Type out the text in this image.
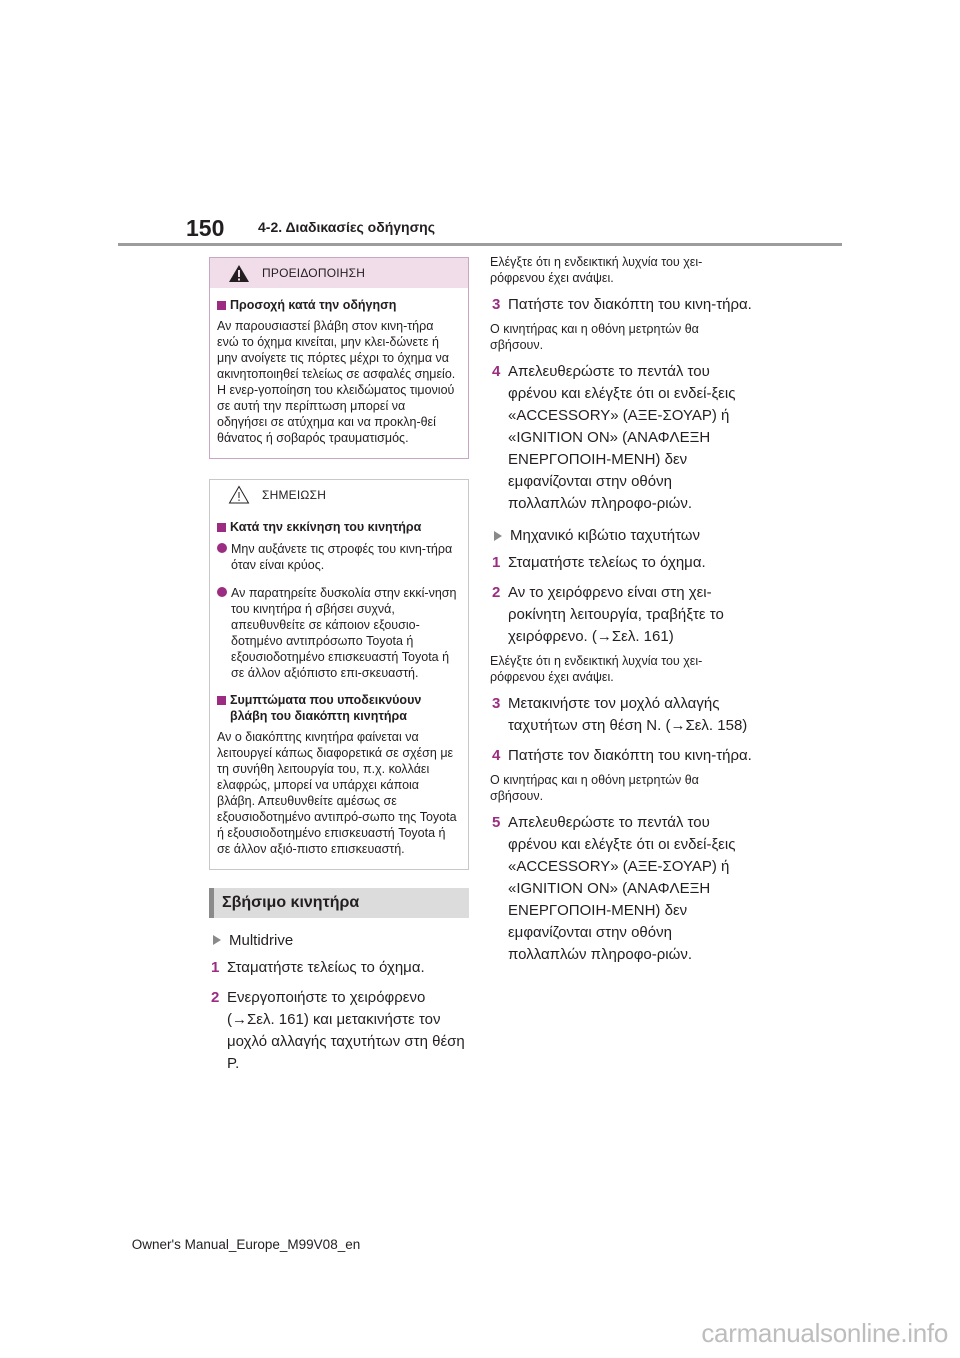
150 4-2. Διαδικασίες οδήγησης
ΠΡΟΕΙΔΟΠΟΙΗΣΗ
Προσοχή κατά την οδήγηση
Αν παρουσιαστεί βλάβη στον κινη-τήρα ενώ το όχημα κινείται, μην κλει-δώνετε ή μην ανοίγετε τις πόρτες μέχρι το όχημα να ακινητοποιηθεί τελείως σε ασφαλές σημείο. Η ενερ-γοποίηση του κλειδώματος τιμονιού σε αυτή την περίπτωση μπορεί να οδηγήσει σε ατύχημα και να προκλη-θεί θάνατος ή σοβαρός τραυματισμός.
ΣΗΜΕΙΩΣΗ
Κατά την εκκίνηση του κινητήρα
Μην αυξάνετε τις στροφές του κινη-τήρα όταν είναι κρύος.
Αν παρατηρείτε δυσκολία στην εκκί-νηση του κινητήρα ή σβήσει συχνά, απευθυνθείτε σε κάποιον εξουσιο-δοτημένο αντιπρόσωπο Toyota ή εξουσιοδοτημένο επισκευαστή Toyota ή σε άλλον αξιόπιστο επι-σκευαστή.
Συμπτώματα που υποδεικνύουν βλάβη του διακόπτη κινητήρα
Αν ο διακόπτης κινητήρα φαίνεται να λειτουργεί κάπως διαφορετικά σε σχέση με τη συνήθη λειτουργία του, π.χ. κολλάει ελαφρώς, μπορεί να υπάρχει κάποια βλάβη. Απευθυνθείτε αμέσως σε εξουσιοδοτημένο αντιπρό-σωπο της Toyota ή εξουσιοδοτημένο επισκευαστή Toyota ή σε άλλον αξιό-πιστο επισκευαστή.
Σβήσιμο κινητήρα
Multidrive
1 Σταματήστε τελείως το όχημα.
2 Ενεργοποιήστε το χειρόφρενο (→Σελ. 161) και μετακινήστε τον μοχλό αλλαγής ταχυτήτων στη θέση P.
Ελέγξτε ότι η ενδεικτική λυχνία του χει-ρόφρενου έχει ανάψει.
3 Πατήστε τον διακόπτη του κινη-τήρα.
Ο κινητήρας και η οθόνη μετρητών θα σβήσουν.
4 Απελευθερώστε το πεντάλ του φρένου και ελέγξτε ότι οι ενδεί-ξεις «ACCESSORY» (ΑΞΕ-ΣΟΥΑΡ) ή «IGNITION ON» (ΑΝΑΦΛΕΞΗ ΕΝΕΡΓΟΠΟΙΗ-ΜΕΝΗ) δεν εμφανίζονται στην οθόνη πολλαπλών πληροφο-ριών.
Μηχανικό κιβώτιο ταχυτήτων
1 Σταματήστε τελείως το όχημα.
2 Αν το χειρόφρενο είναι στη χει-ροκίνητη λειτουργία, τραβήξτε το χειρόφρενο. (→Σελ. 161)
Ελέγξτε ότι η ενδεικτική λυχνία του χει-ρόφρενου έχει ανάψει.
3 Μετακινήστε τον μοχλό αλλαγής ταχυτήτων στη θέση N. (→Σελ. 158)
4 Πατήστε τον διακόπτη του κινη-τήρα.
Ο κινητήρας και η οθόνη μετρητών θα σβήσουν.
5 Απελευθερώστε το πεντάλ του φρένου και ελέγξτε ότι οι ενδεί-ξεις «ACCESSORY» (ΑΞΕ-ΣΟΥΑΡ) ή «IGNITION ON» (ΑΝΑΦΛΕΞΗ ΕΝΕΡΓΟΠΟΙΗ-ΜΕΝΗ) δεν εμφανίζονται στην οθόνη πολλαπλών πληροφο-ριών.
Owner's Manual_Europe_M99V08_en
carmanualsonline.info
